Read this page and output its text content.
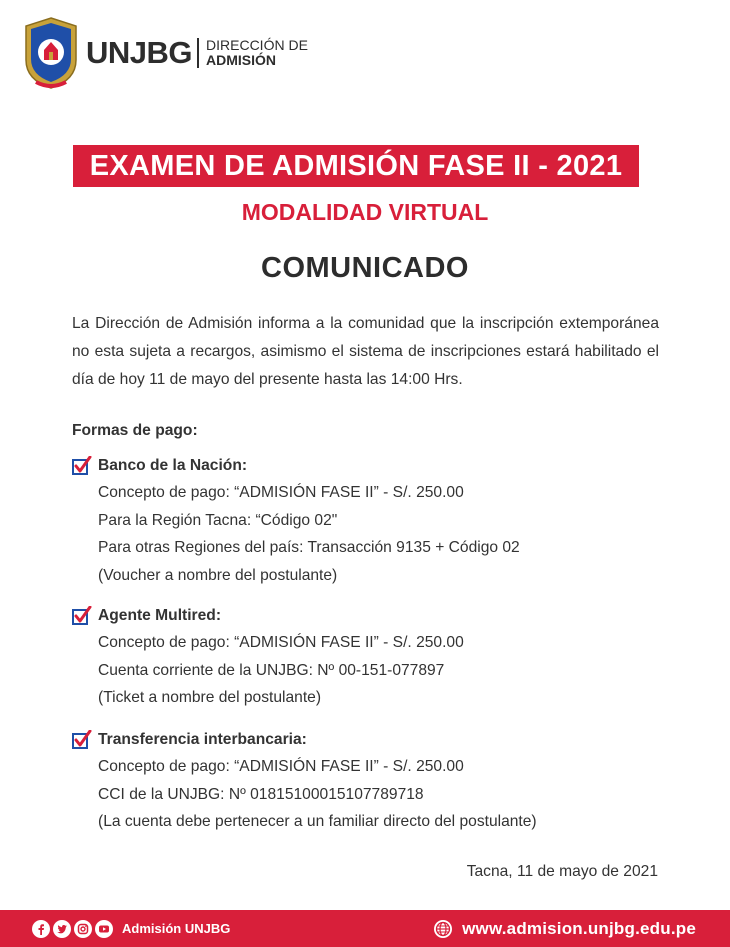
UNJBG DIRECCIÓN DE
ADMISIÓN
EXAMEN DE ADMISIÓN FASE II - 2021
MODALIDAD VIRTUAL
COMUNICADO
La Dirección de Admisión informa a la comunidad que la inscripción extemporánea no esta sujeta a recargos, asimismo el sistema de inscripciones estará habilitado el día de hoy 11 de mayo del presente hasta las 14:00 Hrs.
Formas de pago:
Banco de la Nación:
Concepto de pago: “ADMISIÓN FASE II” - S/. 250.00
Para la Región Tacna: “Código 02"
Para otras Regiones del país: Transacción 9135 + Código 02
(Voucher a nombre del postulante)
Agente Multired:
Concepto de pago: “ADMISIÓN FASE II” - S/. 250.00
Cuenta corriente de la UNJBG: Nº 00-151-077897
(Ticket a nombre del postulante)
Transferencia interbancaria:
Concepto de pago: “ADMISIÓN FASE II” - S/. 250.00
CCI de la UNJBG: Nº 01815100015107789718
(La cuenta debe pertenecer a un familiar directo del postulante)
Tacna, 11 de mayo de 2021
Admisión UNJBG	www.admision.unjbg.edu.pe
